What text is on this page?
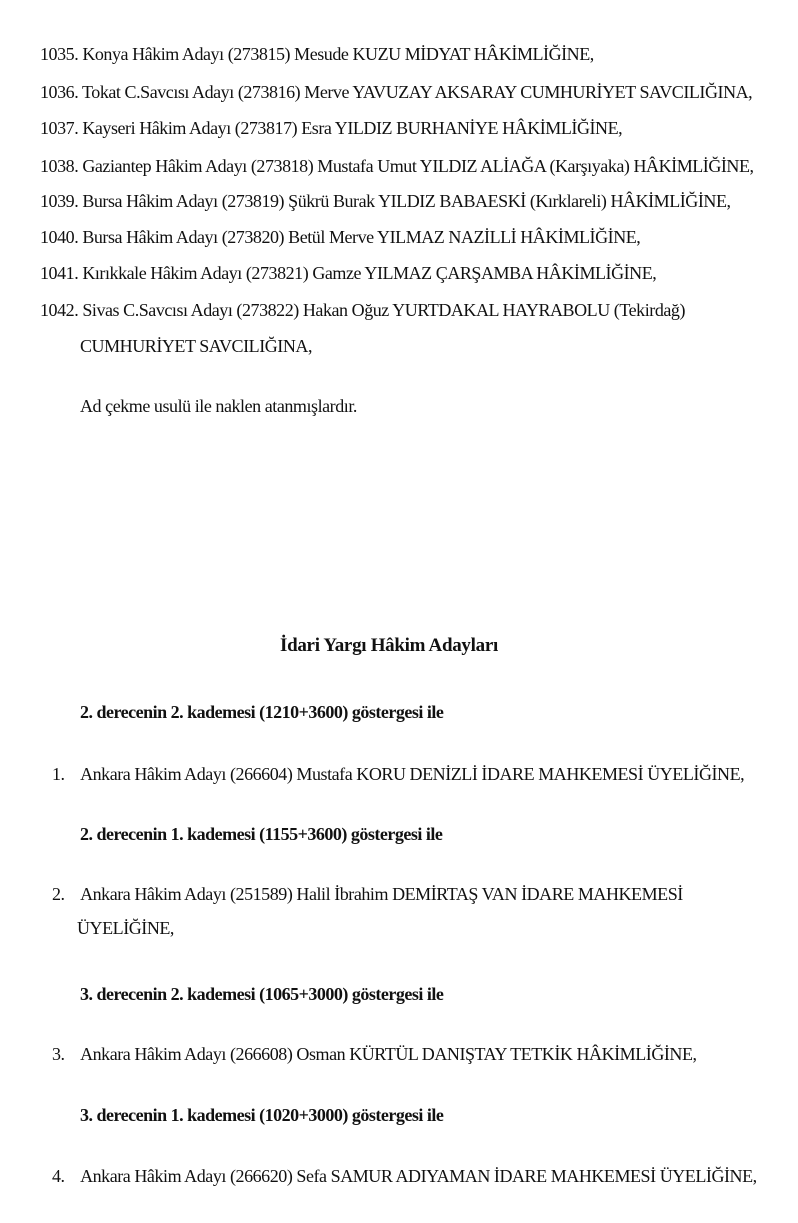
1035. Konya Hâkim Adayı (273815) Mesude KUZU MİDYAT HÂKİMLİĞİNE,
1036. Tokat C.Savcısı Adayı (273816) Merve YAVUZAY AKSARAY CUMHURİYET SAVCILIĞINA,
1037. Kayseri Hâkim Adayı (273817) Esra YILDIZ BURHANİYE HÂKİMLİĞİNE,
1038. Gaziantep Hâkim Adayı (273818) Mustafa Umut YILDIZ ALİAĞA (Karşıyaka) HÂKİMLİĞİNE,
1039. Bursa Hâkim Adayı (273819) Şükrü Burak YILDIZ BABAESKİ (Kırklareli) HÂKİMLİĞİNE,
1040. Bursa Hâkim Adayı (273820) Betül Merve YILMAZ NAZİLLİ HÂKİMLİĞİNE,
1041. Kırıkkale Hâkim Adayı (273821) Gamze YILMAZ ÇARŞAMBA HÂKİMLİĞİNE,
1042. Sivas C.Savcısı Adayı (273822) Hakan Oğuz YURTDAKAL HAYRABOLU (Tekirdağ)
CUMHURİYET SAVCILIĞINA,
Ad çekme usulü ile naklen atanmışlardır.
İdari Yargı Hâkim Adayları
2. derecenin 2. kademesi (1210+3600) göstergesi ile
1. Ankara Hâkim Adayı (266604) Mustafa KORU DENİZLİ İDARE MAHKEMESİ ÜYELİĞİNE,
2. derecenin 1. kademesi (1155+3600) göstergesi ile
2. Ankara Hâkim Adayı (251589) Halil İbrahim DEMİRTAŞ VAN İDARE MAHKEMESİ
ÜYELİĞİNE,
3. derecenin 2. kademesi (1065+3000) göstergesi ile
3. Ankara Hâkim Adayı (266608) Osman KÜRTÜL DANIŞTAY TETKİK HÂKİMLİĞİNE,
3. derecenin 1. kademesi (1020+3000) göstergesi ile
4. Ankara Hâkim Adayı (266620) Sefa SAMUR ADIYAMAN İDARE MAHKEMESİ ÜYELİĞİNE,
